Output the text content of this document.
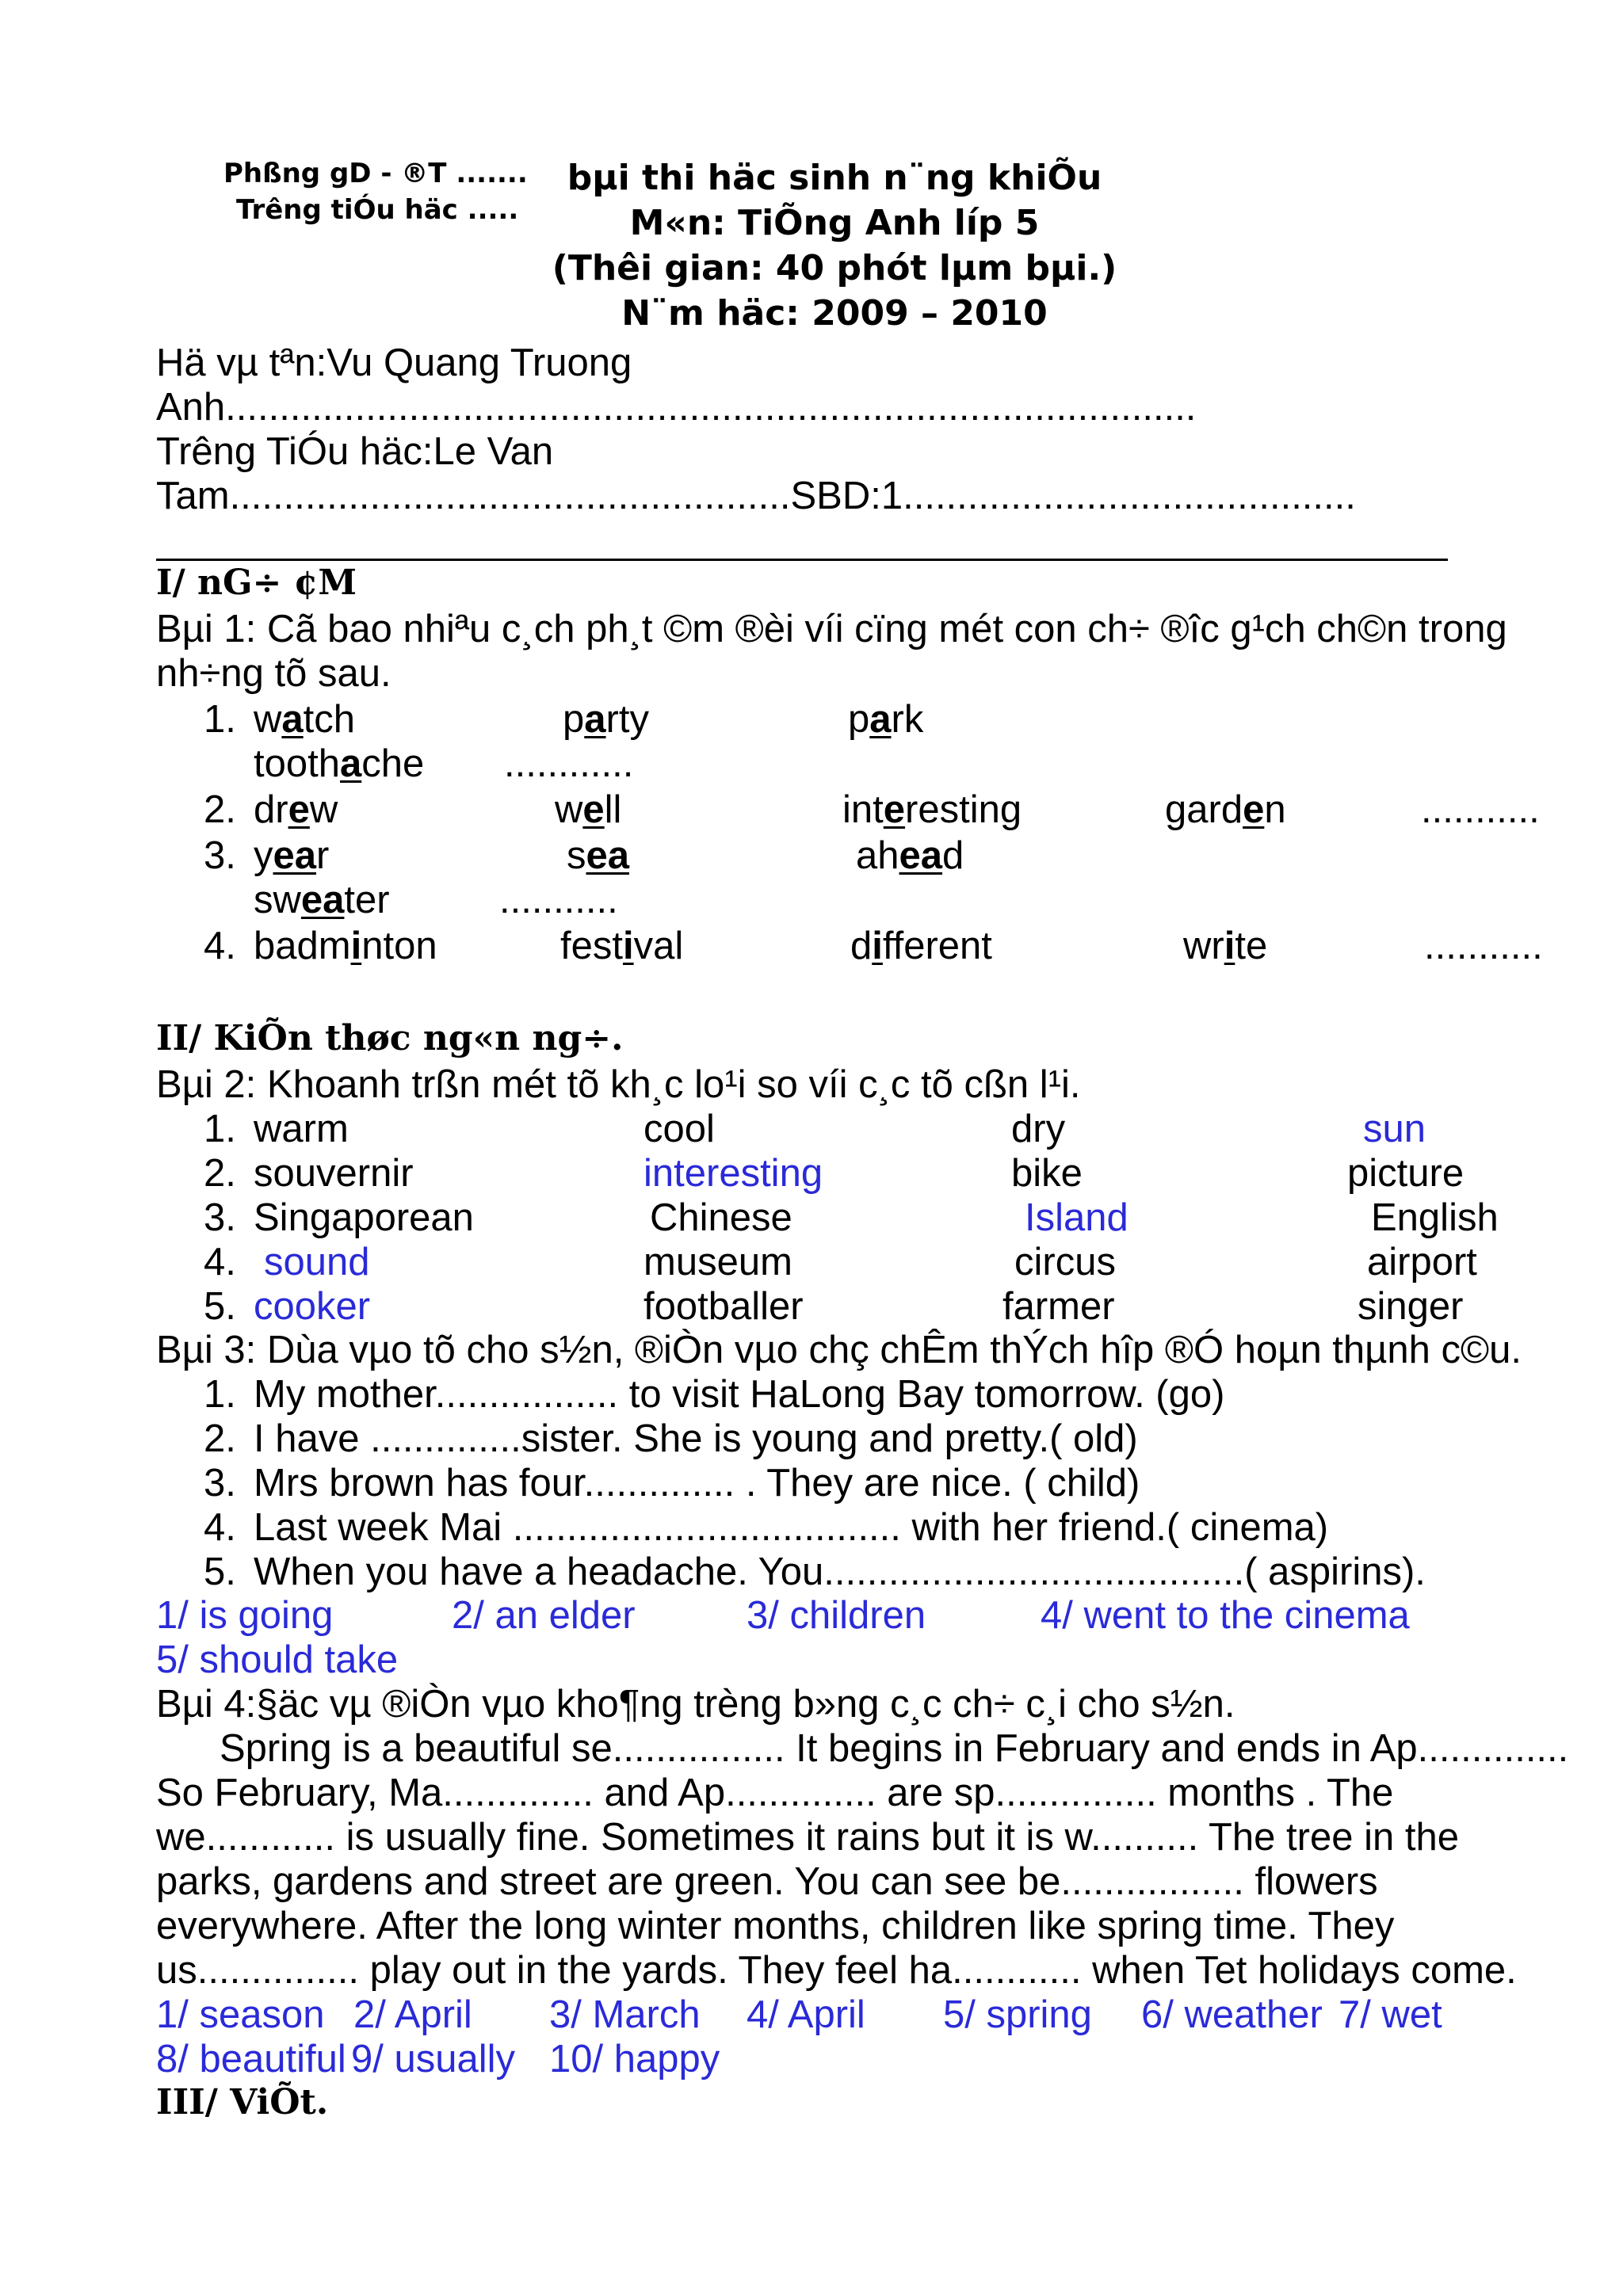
Phßng gD - ®T .......
Trêng tiÓu häc .....
bµi thi häc sinh n¨ng khiÕu
M«n: TiÕng Anh líp 5
(Thêi gian: 40 phót lµm bµi.)
N¨m häc: 2009 – 2010
Hä vµ tªn:Vu Quang Truong
Anh..........................................................................................
Trêng TiÓu häc:Le Van
Tam....................................................SBD:1..........................................
I/ nG÷ ¢M
Bµi 1: Cã bao nhiªu c¸ch ph¸t ©m ®èi víi cïng mét con ch÷ ®îc g¹ch ch©n trong
nh÷ng tõ sau.
1. watch	party	park
toothache ............
2. drew	well	interesting	garden	...........
3. year	sea	ahead
sweater	...........
4. badminton	festival	different	write	...........
II/ KiÕn thøc ng«n ng÷.
Bµi 2: Khoanh trßn mét tõ kh¸c lo¹i so víi c¸c tõ cßn l¹i.
1. warm	cool	dry	sun
2. souvernir	interesting	bike	picture
3. Singaporean	Chinese	Island	English
4. sound	museum	circus	airport
5. cooker	footballer	farmer	singer
Bµi 3: Dùa vµo tõ cho s½n, ®iÒn vµo chç chÊm thÝch hîp ®Ó hoµn thµnh c©u.
1. My mother................. to visit HaLong Bay tomorrow. (go)
2. I have ..............sister. She is young and pretty.( old)
3. Mrs brown has four.............. . They are nice. ( child)
4. Last week Mai .................................... with her friend.( cinema)
5. When you have a headache. You.......................................( aspirins).
1/ is going	2/ an elder	3/ children	4/ went to the cinema
5/ should take
Bµi 4:§äc vµ ®iÒn vµo kho¶ng trèng b»ng c¸c ch÷ c¸i cho s½n.
Spring is a beautiful se................ It begins in February and ends in Ap..............
So February, Ma.............. and Ap.............. are sp............... months . The
we............ is usually fine. Sometimes it rains but it is w.......... The tree in the
parks, gardens and street are green. You can see be................. flowers
everywhere. After the long winter months, children like spring time. They
us............... play out in the yards. They feel ha............ when Tet holidays come.
1/ season 2/ April 3/ March 4/ April 5/ spring 6/ weather 7/ wet
8/ beautiful 9/ usually 10/ happy
III/ ViÕt.
